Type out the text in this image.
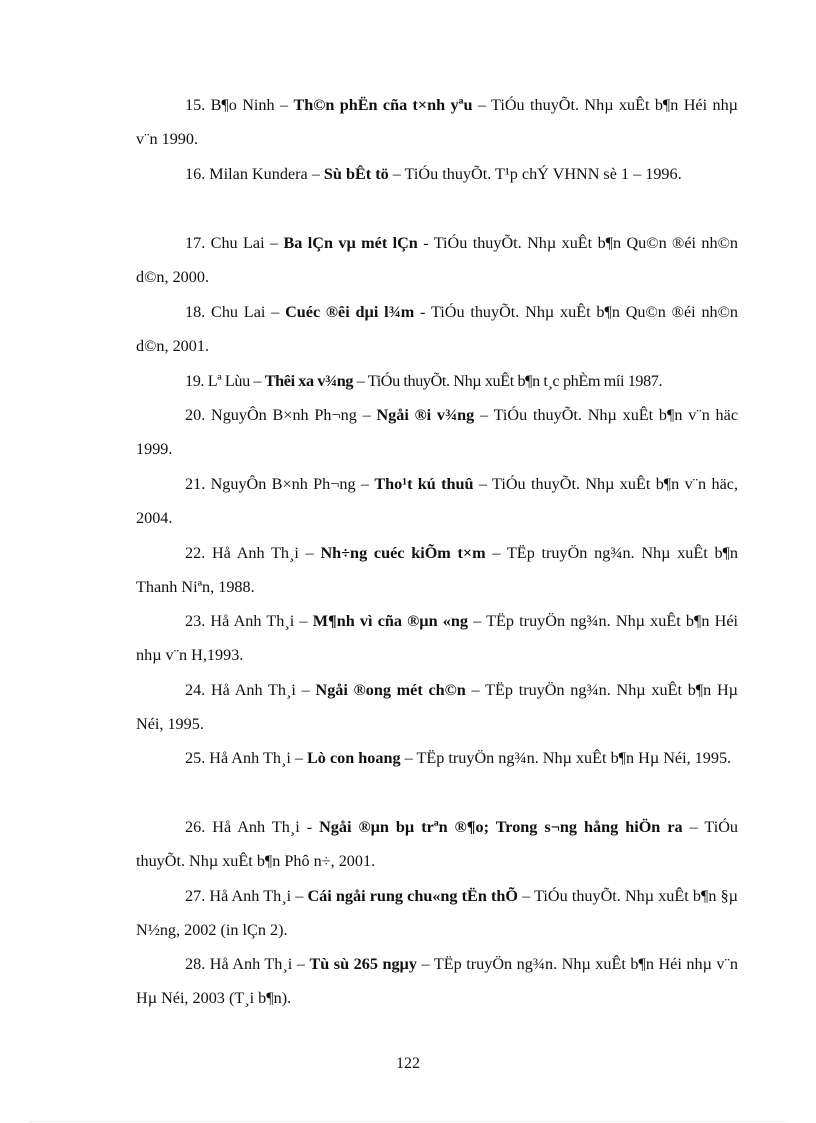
15. B¶o Ninh – Th©n phËn cña t×nh yªu – TiÓu thuyÕt. Nhµ xuÊt b¶n Héi nhµ v¨n 1990.

16. Milan Kundera – Sù bÊt tö – TiÓu thuyÕt. T¹p chÝ VHNN sè 1 – 1996.

17. Chu Lai – Ba lÇn vµ mét lÇn - TiÓu thuyÕt. Nhµ xuÊt b¶n Qu©n ®éi nh©n d©n, 2000.

18. Chu Lai – Cuéc ®êi dµi l¾m - TiÓu thuyÕt. Nhµ xuÊt b¶n Qu©n ®éi nh©n d©n, 2001.

19. Lª Lùu – Thêi xa v¾ng – TiÓu thuyÕt. Nhµ xuÊt b¶n t¸c phÈm míi 1987.

20. NguyÔn B×nh Ph¬ng – Ngåi ®i v¾ng – TiÓu thuyÕt. Nhµ xuÊt b¶n v¨n häc 1999.

21. NguyÔn B×nh Ph¬ng – Tho¹t kú thuû – TiÓu thuyÕt. Nhµ xuÊt b¶n v¨n häc, 2004.

22. Hå Anh Th¸i – Nh÷ng cuéc kiÕm t×m – TËp truyÖn ng¾n. Nhµ xuÊt b¶n Thanh Niªn, 1988.

23. Hå Anh Th¸i – M¶nh vì cña ®µn «ng – TËp truyÖn ng¾n. Nhµ xuÊt b¶n Héi nhµ v¨n H,1993.

24. Hå Anh Th¸i – Ngåi ®ong mét ch©n – TËp truyÖn ng¾n. Nhµ xuÊt b¶n Hµ Néi, 1995.

25. Hå Anh Th¸i – Lò con hoang – TËp truyÖn ng¾n. Nhµ xuÊt b¶n Hµ Néi, 1995.

26. Hå Anh Th¸i - Ngåi ®µn bµ trªn ®¶o; Trong s¬ng hång hiÖn ra – TiÓu thuyÕt. Nhµ xuÊt b¶n Phô n÷, 2001.

27. Hå Anh Th¸i – Cái ngåi rung chu«ng tËn thÕ – TiÓu thuyÕt. Nhµ xuÊt b¶n §µ N½ng, 2002 (in lÇn 2).

28. Hå Anh Th¸i – Tù sù 265 ngµy – TËp truyÖn ng¾n. Nhµ xuÊt b¶n Héi nhµ v¨n Hµ Néi, 2003 (T¸i b¶n).

122
